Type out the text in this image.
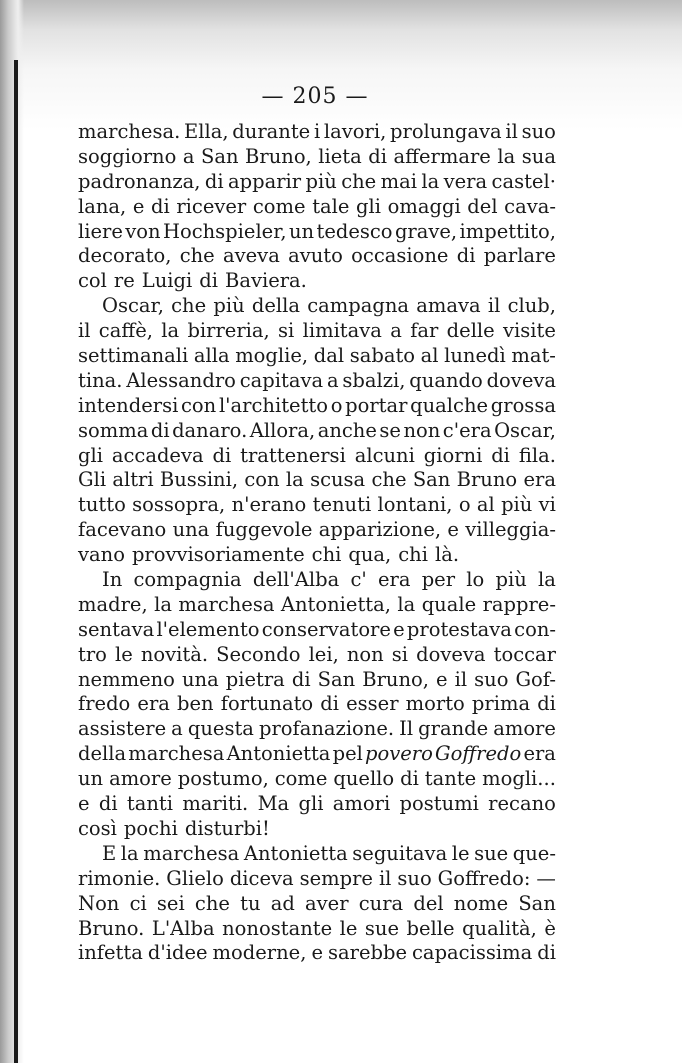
— 205 —
marchesa. Ella, durante i lavori, prolungava il suo
soggiorno a San Bruno, lieta di affermare la sua
padronanza, di apparir più che mai la vera castel·
lana, e di ricever come tale gli omaggi del cava-
liere von Hochspieler, un tedesco grave, impettito,
decorato, che aveva avuto occasione di parlare
col re Luigi di Baviera.
Oscar, che più della campagna amava il club,
il caffè, la birreria, si limitava a far delle visite
settimanali alla moglie, dal sabato al lunedì mat-
tina. Alessandro capitava a sbalzi, quando doveva
intendersi con l'architetto o portar qualche grossa
somma di danaro. Allora, anche se non c'era Oscar,
gli accadeva di trattenersi alcuni giorni di fila.
Gli altri Bussini, con la scusa che San Bruno era
tutto sossopra, n'erano tenuti lontani, o al più vi
facevano una fuggevole apparizione, e villeggia-
vano provvisoriamente chi qua, chi là.
In compagnia dell'Alba c' era per lo più la
madre, la marchesa Antonietta, la quale rappre-
sentava l'elemento conservatore e protestava con-
tro le novità. Secondo lei, non si doveva toccar
nemmeno una pietra di San Bruno, e il suo Gof-
fredo era ben fortunato di esser morto prima di
assistere a questa profanazione. Il grande amore
della marchesa Antonietta pel povero Goffredo era
un amore postumo, come quello di tante mogli...
e di tanti mariti. Ma gli amori postumi recano
così pochi disturbi!
E la marchesa Antonietta seguitava le sue que-
rimonie. Glielo diceva sempre il suo Goffredo: —
Non ci sei che tu ad aver cura del nome San
Bruno. L'Alba nonostante le sue belle qualità, è
infetta d'idee moderne, e sarebbe capacissima di
